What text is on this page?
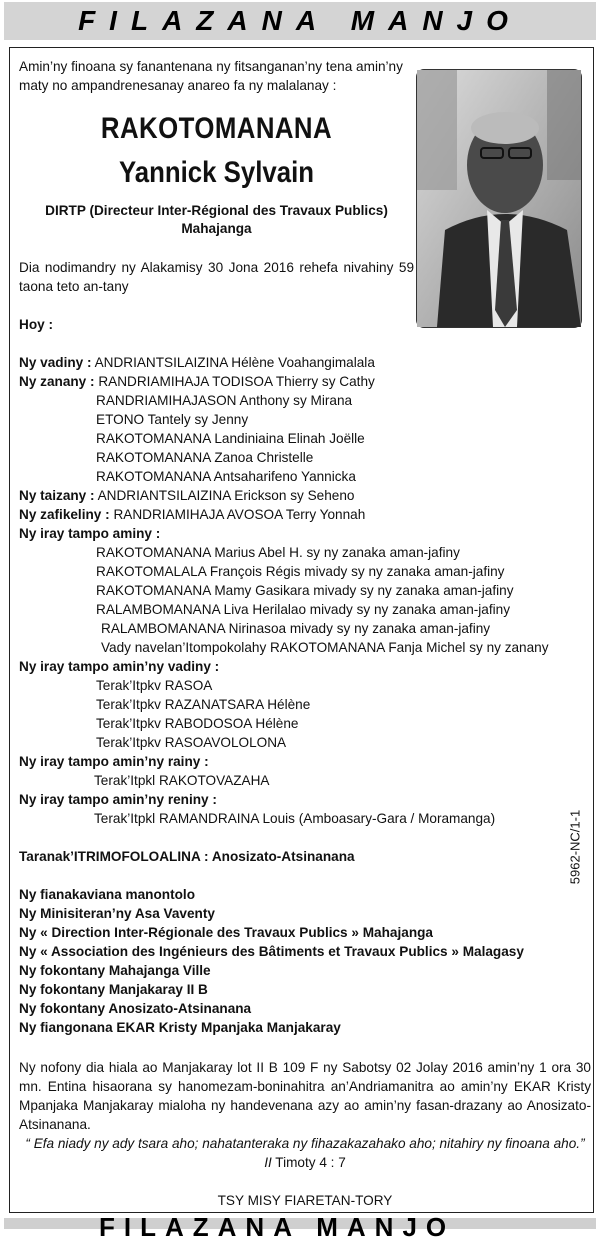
FILAZANA MANJO
Amin’ny finoana sy fanantenana ny fitsanganan’ny tena amin’ny maty no ampandrenesanay anareo fa ny malalanay :
RAKOTOMANANA
Yannick Sylvain
DIRTP (Directeur Inter-Régional des Travaux Publics)
Mahajanga
Dia nodimandry ny Alakamisy 30 Jona 2016 rehefa nivahiny 59 taona teto an-tany
Hoy :
Ny vadiny : ANDRIANTSILAIZINA Hélène Voahangimalala
Ny zanany : RANDRIAMIHAJA TODISOA Thierry sy Cathy
RANDRIAMIHAJASON Anthony sy Mirana
ETONO Tantely sy Jenny
RAKOTOMANANA Landiniaina Elinah Joëlle
RAKOTOMANANA Zanoa Christelle
RAKOTOMANANA Antsaharifeno Yannicka
Ny taizany : ANDRIANTSILAIZINA Erickson sy Seheno
Ny zafikeliny : RANDRIAMIHAJA AVOSOA Terry Yonnah
Ny iray tampo aminy :
RAKOTOMANANA Marius Abel H. sy ny zanaka aman-jafiny
RAKOTOMALALA François Régis mivady sy ny zanaka aman-jafiny
RAKOTOMANANA Mamy Gasikara mivady sy ny zanaka aman-jafiny
RALAMBOMANANA Liva Herilalao mivady sy ny zanaka aman-jafiny
RALAMBOMANANA Nirinasoa mivady sy ny zanaka aman-jafiny
Vady navelan’Itompokolahy RAKOTOMANANA Fanja Michel sy ny zanany
Ny iray tampo amin’ny vadiny :
Terak’Itpkv RASOA
Terak’Itpkv RAZANATSARA Hélène
Terak’Itpkv RABODOSOA Hélène
Terak’Itpkv RASOAVOLOLONA
Ny iray tampo amin’ny rainy :
Terak’Itpkl RAKOTOVAZAHA
Ny iray tampo amin’ny reniny :
Terak’Itpkl RAMANDRAINA Louis (Amboasary-Gara / Moramanga)
Taranak’ITRIMOFOLOALINA : Anosizato-Atsinanana
Ny fianakaviana manontolo
Ny Minisiteran’ny Asa Vaventy
Ny « Direction Inter-Régionale des Travaux Publics » Mahajanga
Ny « Association des Ingénieurs des Bâtiments et Travaux Publics » Malagasy
Ny fokontany Mahajanga Ville
Ny fokontany Manjakaray II B
Ny fokontany Anosizato-Atsinanana
Ny fiangonana EKAR Kristy Mpanjaka Manjakaray
Ny nofony dia hiala ao Manjakaray lot II B 109 F ny Sabotsy 02 Jolay 2016 amin’ny 1 ora 30 mn. Entina hisaorana sy hanomezam-boninahitra an’Andriamanitra ao amin’ny EKAR Kristy Mpanjaka Manjakaray mialoha ny handevenana azy ao amin’ny fasan-drazany ao Anosizato-Atsinanana.
“ Efa niady ny ady tsara aho; nahatanteraka ny fihazakazahako aho; nitahiry ny finoana aho.”
II Timoty 4 : 7
TSY MISY FIARETAN-TORY
5962-NC/1-1
FILAZANA MANJO
